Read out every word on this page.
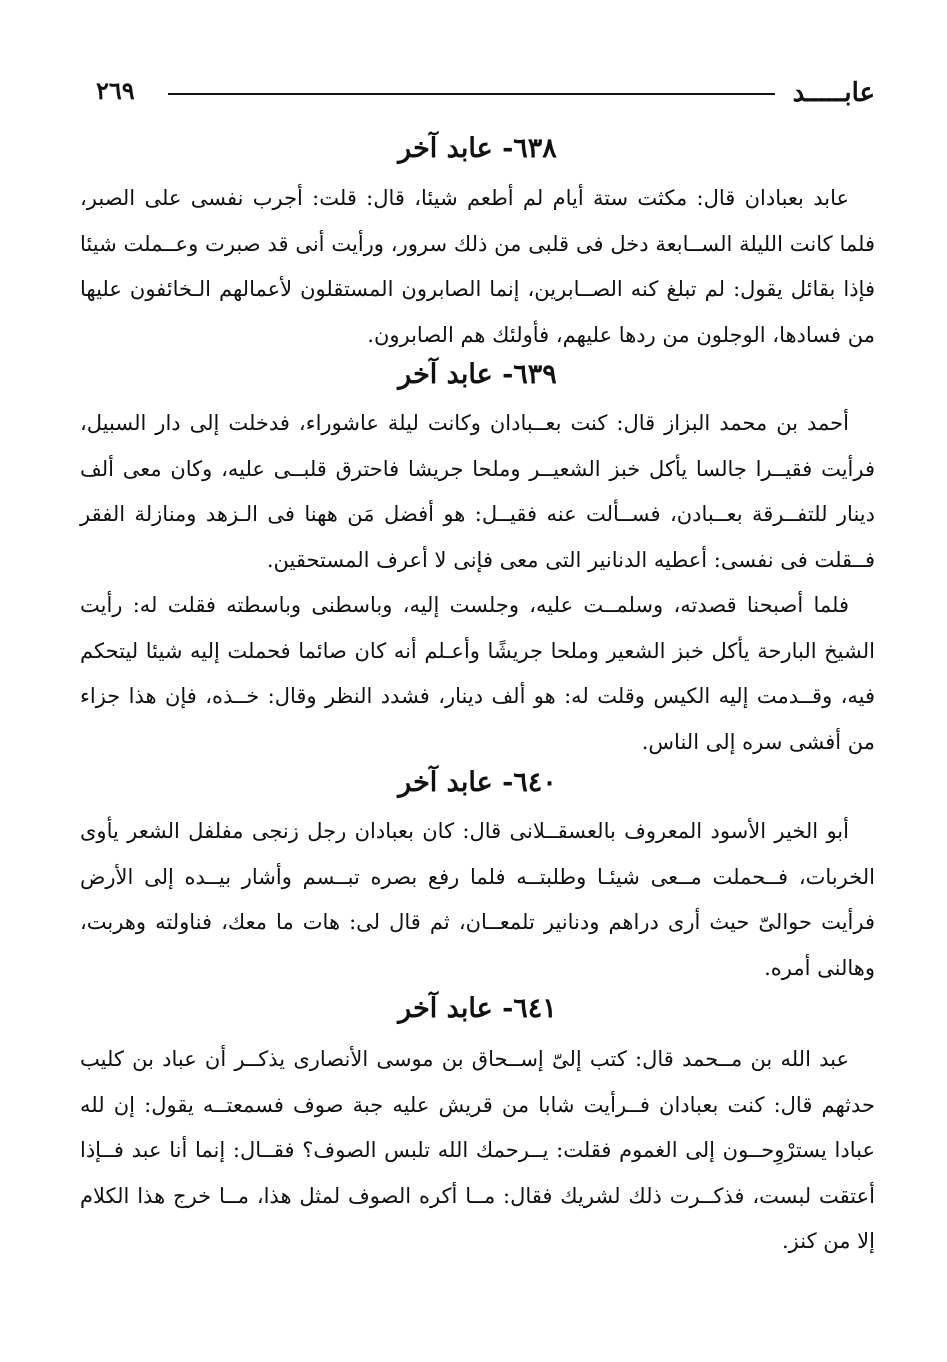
عابـــــد
٢٦٩
٦٣٨- عابد آخر

عابد بعبادان قال: مكثت ستة أيام لم أطعم شيئا، قال: قلت: أجرب نفسى على الصبر، فلما كانت الليلة الســابعة دخل فى قلبى من ذلك سرور، ورأيت أنى قد صبرت وعــملت شيئا فإذا بقائل يقول: لم تبلغ كنه الصــابرين، إنما الصابرون المستقلون لأعمالهم الـخائفون عليها من فسادها، الوجلون من ردها عليهم، فأولئك هم الصابرون.

٦٣٩- عابد آخر

أحمد بن محمد البزاز قال: كنت بعــبادان وكانت ليلة عاشوراء، فدخلت إلى دار السبيل، فرأيت فقيــرا جالسا يأكل خبز الشعيــر وملحا جريشا فاحترق قلبــى عليه، وكان معى ألف دينار للتفــرقة بعــبادن، فســألت عنه فقيــل: هو أفضل مَن ههنا فى الـزهد ومنازلة الفقر فــقلت فى نفسى: أعطيه الدنانير التى معى فإنى لا أعرف المستحقين.

فلما أصبحنا قصدته، وسلمــت عليه، وجلست إليه، وباسطنى وباسطته فقلت له: رأيت الشيخ البارحة يأكل خبز الشعير وملحا جريشًا وأعـلم أنه كان صائما فحملت إليه شيئا ليتحكم فيه، وقــدمت إليه الكيس وقلت له: هو ألف دينار، فشدد النظر وقال: خــذه، فإن هذا جزاء من أفشى سره إلى الناس.

٦٤٠- عابد آخر

أبو الخير الأسود المعروف بالعسقــلانى قال: كان بعبادان رجل زنجى مفلفل الشعر يأوى الخربات، فــحملت مــعى شيئـا وطلبتــه فلما رفع بصره تبــسم وأشار بيــده إلى الأرض فرأيت حوالىّ حيث أرى دراهم ودنانير تلمعــان، ثم قال لى: هات ما معك، فناولته وهربت، وهالنى أمره.

٦٤١- عابد آخر

عبد الله بن مــحمد قال: كتب إلىّ إســحاق بن موسى الأنصارى يذكــر أن عباد بن كليب حدثهم قال: كنت بعبادان فــرأيت شابا من قريش عليه جبة صوف فسمعتــه يقول: إن لله عبادا يسترْوِحــون إلى الغموم فقلت: يــرحمك الله تلبس الصوف؟ فقــال: إنما أنا عبد فــإذا أعتقت لبست، فذكــرت ذلك لشريك فقال: مــا أكره الصوف لمثل هذا، مــا خرج هذا الكلام إلا من كنز.
